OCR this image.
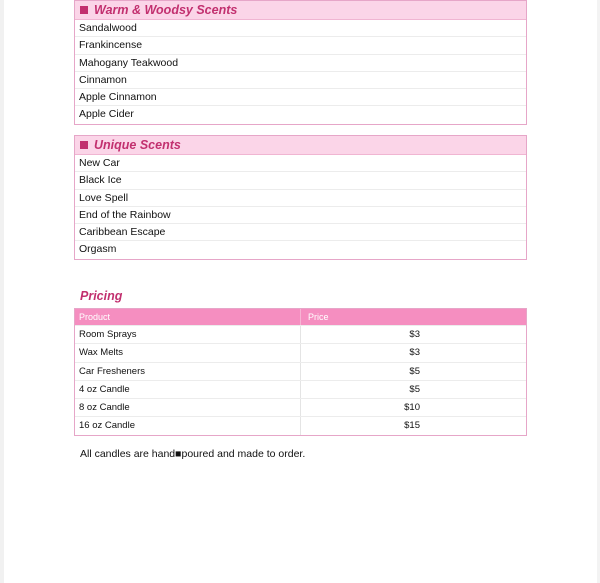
Warm & Woodsy Scents
Sandalwood
Frankincense
Mahogany Teakwood
Cinnamon
Apple Cinnamon
Apple Cider
Unique Scents
New Car
Black Ice
Love Spell
End of the Rainbow
Caribbean Escape
Orgasm
Pricing
Product	Price
Room Sprays	$3
Wax Melts	$3
Car Fresheners	$5
4 oz Candle	$5
8 oz Candle	$10
16 oz Candle	$15
All candles are hand■poured and made to order.
